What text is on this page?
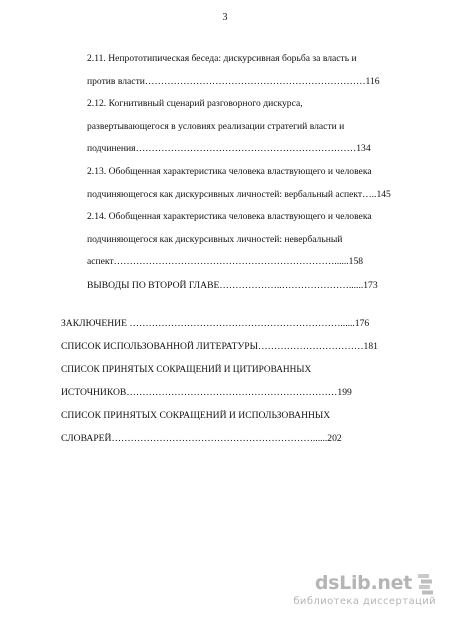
3
2.11. Непрототипическая беседа: дискурсивная борьба за власть и
против власти……………………………………………………………116
2.12. Когнитивный сценарий разговорного дискурса,
развертывающегося в условиях реализации стратегий власти и
подчинения……………………………………………………………134
2.13. Обобщенная характеристика человека властвующего и человека
подчиняющегося как дискурсивных личностей: вербальный аспект…..145
2.14. Обобщенная характеристика человека властвующего и человека
подчиняющегося как дискурсивных личностей: невербальный
аспект……………………………………………………………......158
ВЫВОДЫ ПО ВТОРОЙ ГЛАВЕ………………..…………………......173
ЗАКЛЮЧЕНИЕ …………………………………………………………......176
СПИСОК ИСПОЛЬЗОВАННОЙ ЛИТЕРАТУРЫ……………………………181
СПИСОК ПРИНЯТЫХ СОКРАЩЕНИЙ И ЦИТИРОВАННЫХ
ИСТОЧНИКОВ…………………………………………………………199
СПИСОК ПРИНЯТЫХ СОКРАЩЕНИЙ И ИСПОЛЬЗОВАННЫХ
СЛОВАРЕЙ………………………………………………………......202
dsLib.net
библиотека диссертаций
